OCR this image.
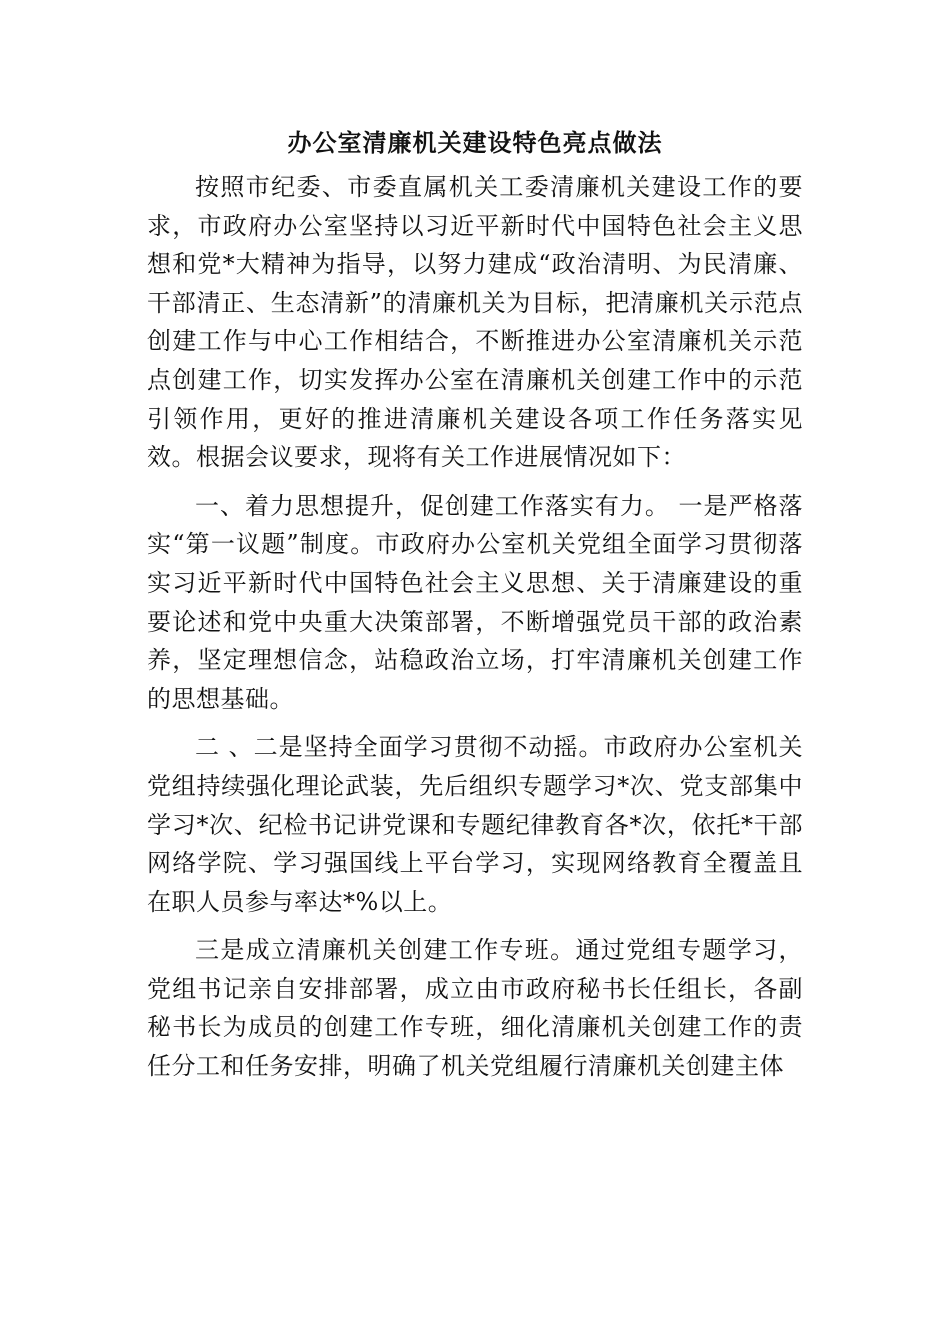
办公室清廉机关建设特色亮点做法

按照市纪委、市委直属机关工委清廉机关建设工作的要求，市政府办公室坚持以习近平新时代中国特色社会主义思想和党*大精神为指导，以努力建成“政治清明、为民清廉、干部清正、生态清新”的清廉机关为目标，把清廉机关示范点创建工作与中心工作相结合，不断推进办公室清廉机关示范点创建工作，切实发挥办公室在清廉机关创建工作中的示范引领作用，更好的推进清廉机关建设各项工作任务落实见效。根据会议要求，现将有关工作进展情况如下：

一、着力思想提升，促创建工作落实有力。 一是严格落实“第一议题”制度。市政府办公室机关党组全面学习贯彻落实习近平新时代中国特色社会主义思想、关于清廉建设的重要论述和党中央重大决策部署，不断增强党员干部的政治素养，坚定理想信念，站稳政治立场，打牢清廉机关创建工作的思想基础。

二 、二是坚持全面学习贯彻不动摇。市政府办公室机关党组持续强化理论武装，先后组织专题学习*次、党支部集中学习*次、纪检书记讲党课和专题纪律教育各*次，依托*干部网络学院、学习强国线上平台学习，实现网络教育全覆盖且在职人员参与率达*%以上。

三是成立清廉机关创建工作专班。通过党组专题学习，党组书记亲自安排部署，成立由市政府秘书长任组长，各副秘书长为成员的创建工作专班，细化清廉机关创建工作的责任分工和任务安排，明确了机关党组履行清廉机关创建主体
